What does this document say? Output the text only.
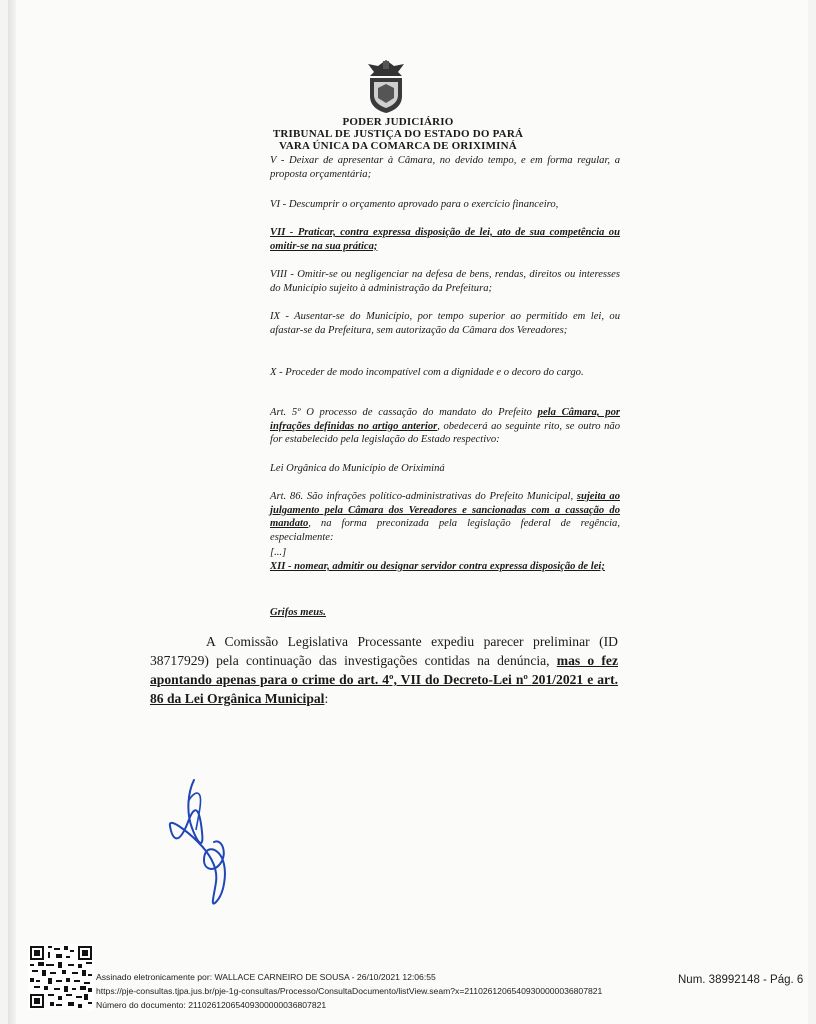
PODER JUDICIÁRIO
TRIBUNAL DE JUSTIÇA DO ESTADO DO PARÁ
VARA ÚNICA DA COMARCA DE ORIXIMINÁ
V - Deixar de apresentar à Câmara, no devido tempo, e em forma regular, a proposta orçamentária;
VI - Descumprir o orçamento aprovado para o exercício financeiro,
VII - Praticar, contra expressa disposição de lei, ato de sua competência ou omitir-se na sua prática;
VIII - Omitir-se ou negligenciar na defesa de bens, rendas, direitos ou interesses do Município sujeito à administração da Prefeitura;
IX - Ausentar-se do Município, por tempo superior ao permitido em lei, ou afastar-se da Prefeitura, sem autorização da Câmara dos Vereadores;
X - Proceder de modo incompatível com a dignidade e o decoro do cargo.
Art. 5º O processo de cassação do mandato do Prefeito pela Câmara, por infrações definidas no artigo anterior, obedecerá ao seguinte rito, se outro não for estabelecido pela legislação do Estado respectivo:
Lei Orgânica do Município de Oriximiná
Art. 86. São infrações político-administrativas do Prefeito Municipal, sujeita ao julgamento pela Câmara dos Vereadores e sancionadas com a cassação do mandato, na forma preconizada pela legislação federal de regência, especialmente:
[...]
XII - nomear, admitir ou designar servidor contra expressa disposição de lei;
Grifos meus.
A Comissão Legislativa Processante expediu parecer preliminar (ID 38717929) pela continuação das investigações contidas na denúncia, mas o fez apontando apenas para o crime do art. 4º, VII do Decreto-Lei nº 201/2021 e art. 86 da Lei Orgânica Municipal:
Assinado eletronicamente por: WALLACE CARNEIRO DE SOUSA - 26/10/2021 12:06:55
https://pje-consultas.tjpa.jus.br/pje-1g-consultas/Processo/ConsultaDocumento/listView.seam?x=21102612065409300000036807821
Número do documento: 21102612065409300000036807821
Num. 38992148 - Pág. 6
